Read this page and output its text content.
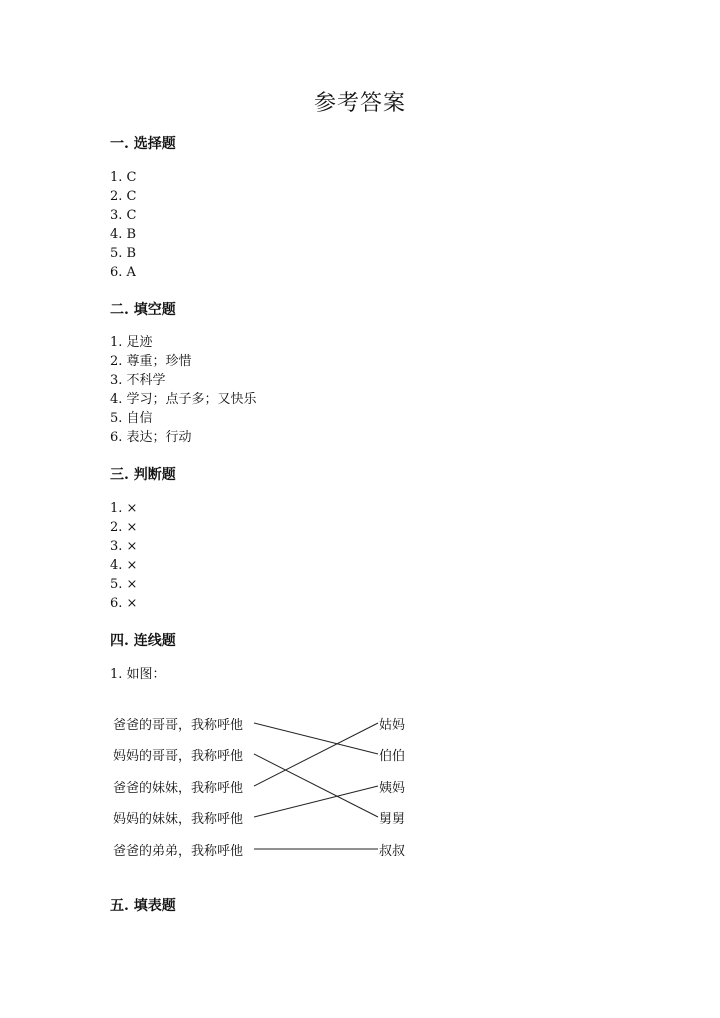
参考答案
一. 选择题
1. C
2. C
3. C
4. B
5. B
6. A
二. 填空题
1. 足迹
2. 尊重；珍惜
3. 不科学
4. 学习；点子多；又快乐
5. 自信
6. 表达；行动
三. 判断题
1. ×
2. ×
3. ×
4. ×
5. ×
6. ×
四. 连线题
1. 如图：
爸爸的哥哥，我称呼他
妈妈的哥哥，我称呼他
爸爸的妹妹，我称呼他
妈妈的妹妹，我称呼他
爸爸的弟弟，我称呼他
姑妈
伯伯
姨妈
舅舅
叔叔
五. 填表题
